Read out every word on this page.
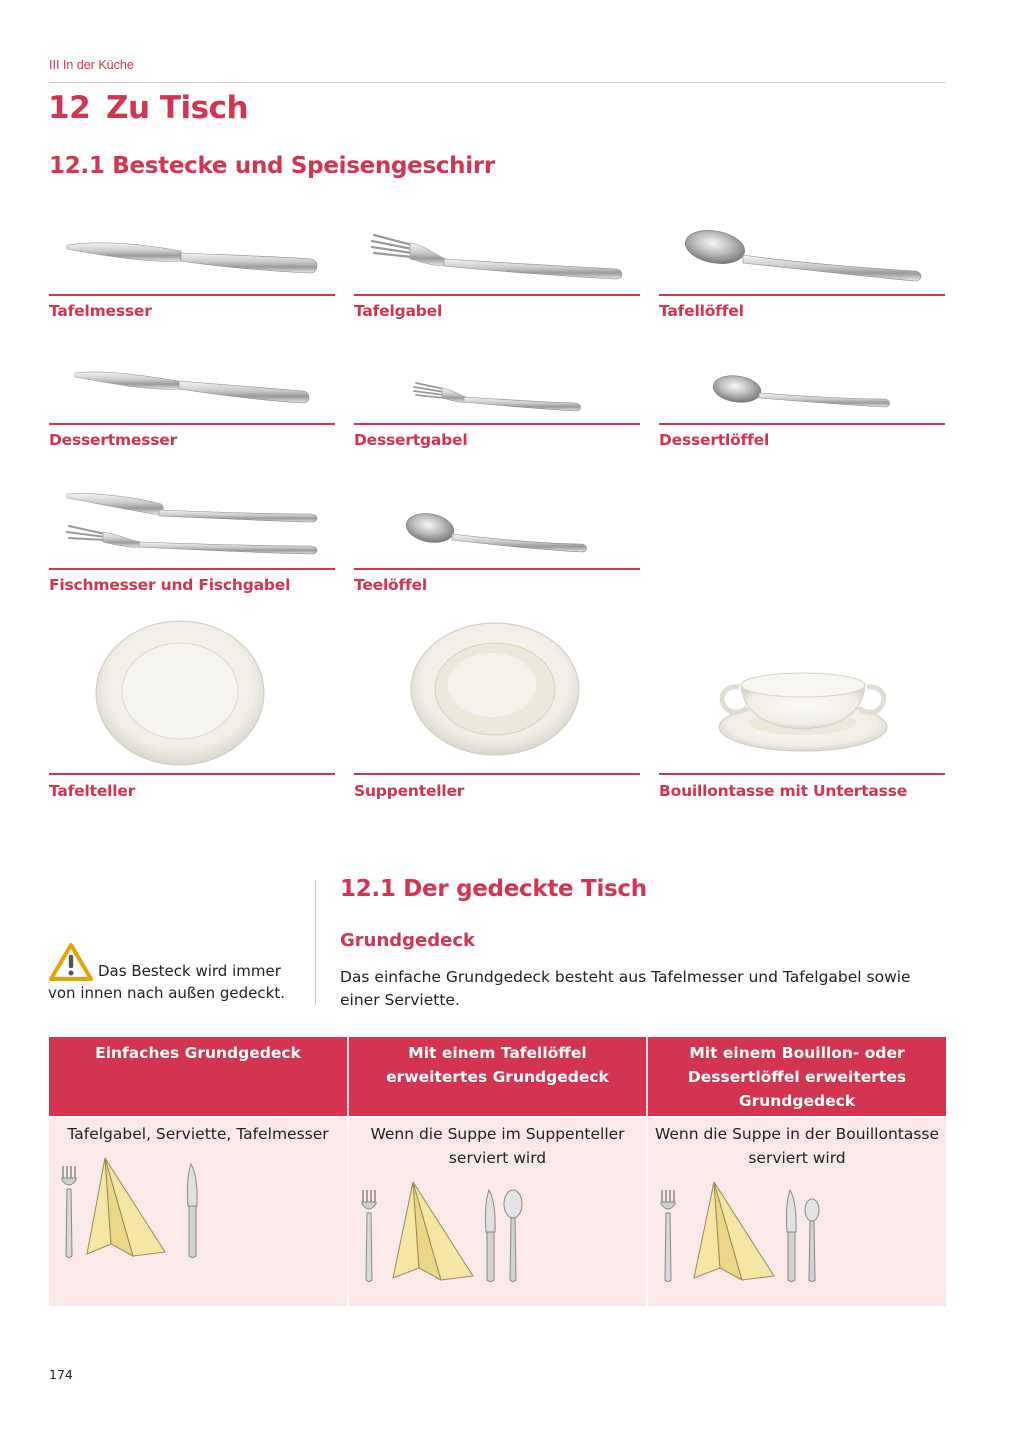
III In der Küche
12 Zu Tisch
12.1 Bestecke und Speisengeschirr
Tafelmesser	Tafelgabel	Tafellöffel
Dessertmesser	Dessertgabel	Dessertlöffel
Fischmesser und Fischgabel	Teelöffel
Tafelteller	Suppenteller	Bouillontasse mit Untertasse
12.1 Der gedeckte Tisch
Grundgedeck
Das einfache Grundgedeck besteht aus Tafelmesser und Tafelgabel sowie einer Serviette.
Das Besteck wird immer von innen nach außen gedeckt.
Einfaches Grundgedeck	Mit einem Tafellöffel erweitertes Grundgedeck	Mit einem Bouillon- oder Dessertlöffel erweitertes Grundgedeck

Tafelgabel, Serviette, Tafelmesser	Wenn die Suppe im Suppenteller serviert wird	Wenn die Suppe in der Bouillontasse serviert wird
174
